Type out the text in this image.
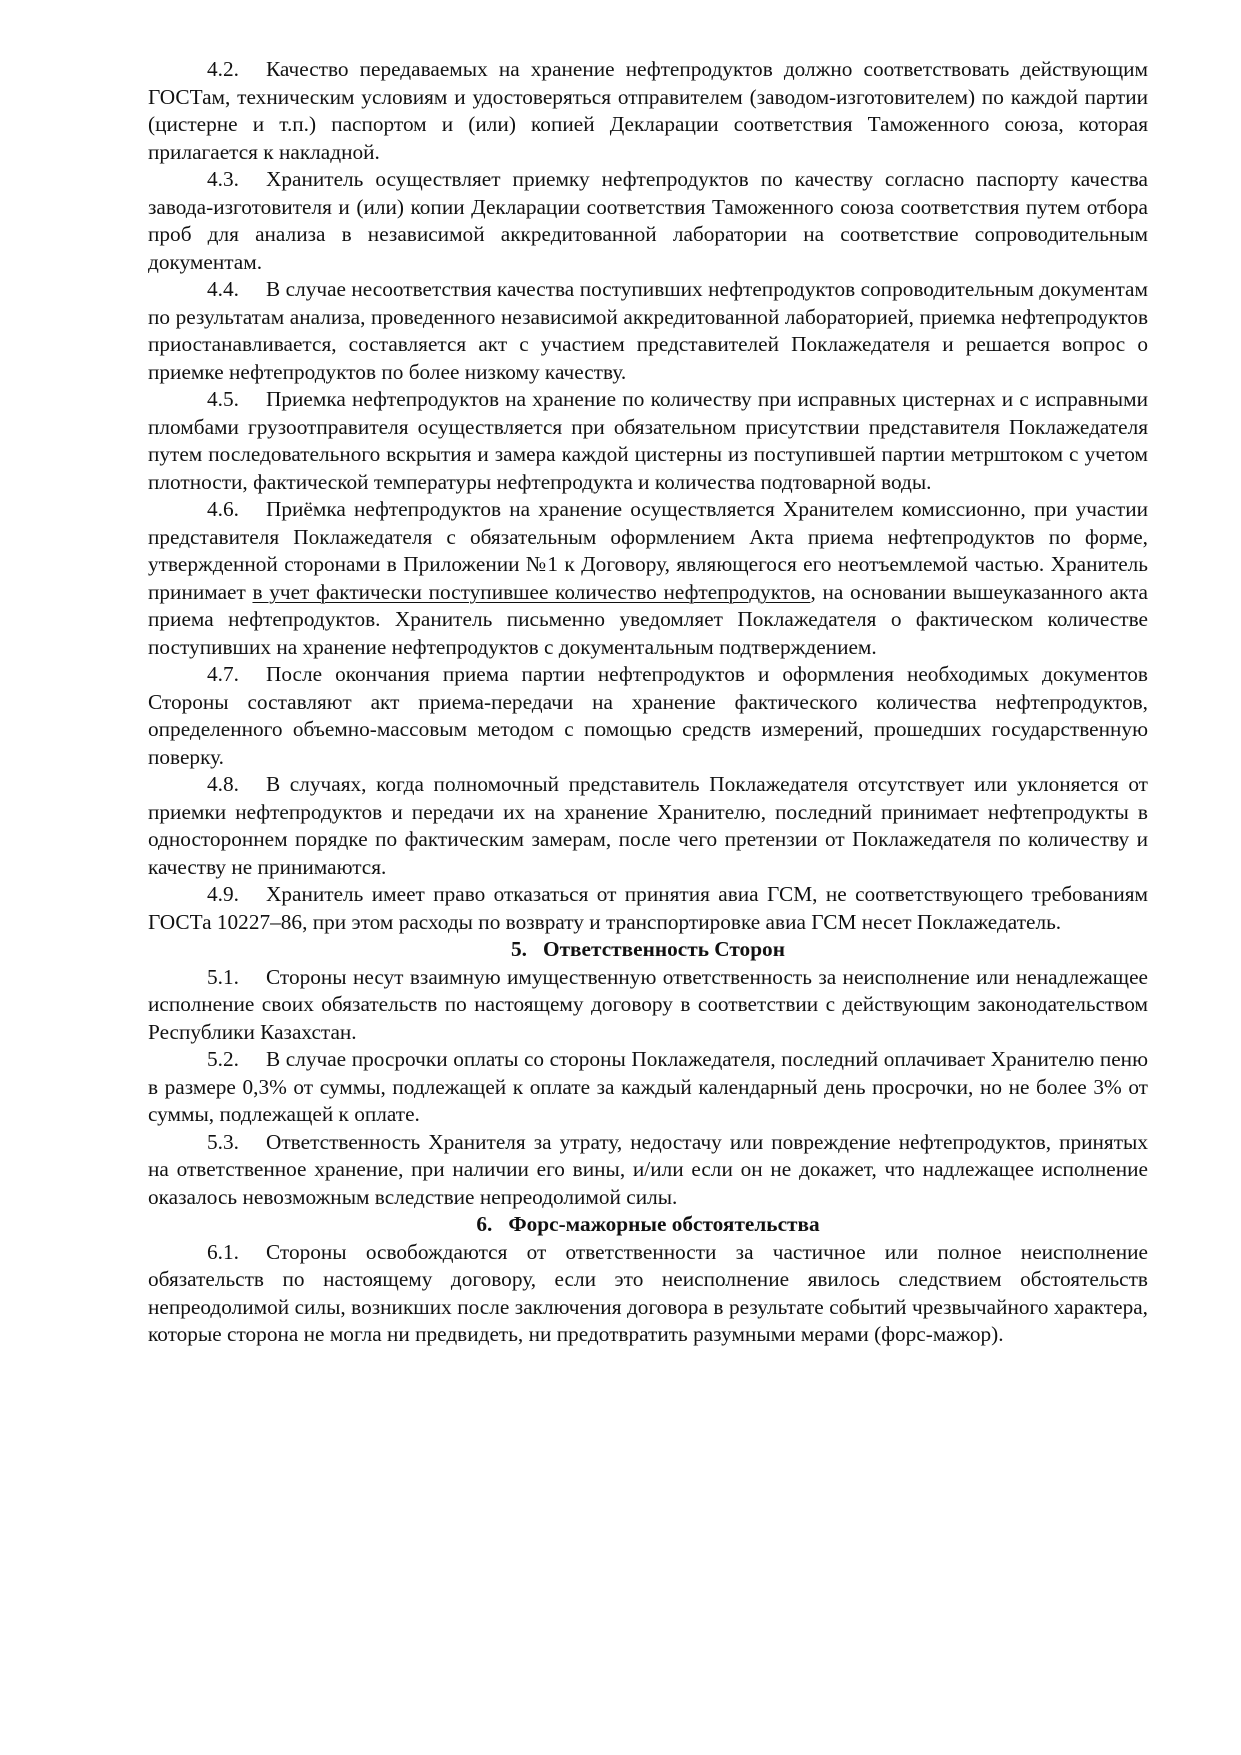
4.2. Качество передаваемых на хранение нефтепродуктов должно соответствовать действующим ГОСТам, техническим условиям и удостоверяться отправителем (заводом-изготовителем) по каждой партии (цистерне и т.п.) паспортом и (или) копией Декларации соответствия Таможенного союза, которая прилагается к накладной.

4.3. Хранитель осуществляет приемку нефтепродуктов по качеству согласно паспорту качества завода-изготовителя и (или) копии Декларации соответствия Таможенного союза соответствия путем отбора проб для анализа в независимой аккредитованной лаборатории на соответствие сопроводительным документам.

4.4. В случае несоответствия качества поступивших нефтепродуктов сопроводительным документам по результатам анализа, проведенного независимой аккредитованной лабораторией, приемка нефтепродуктов приостанавливается, составляется акт с участием представителей Поклажедателя и решается вопрос о приемке нефтепродуктов по более низкому качеству.

4.5. Приемка нефтепродуктов на хранение по количеству при исправных цистернах и с исправными пломбами грузоотправителя осуществляется при обязательном присутствии представителя Поклажедателя путем последовательного вскрытия и замера каждой цистерны из поступившей партии метрштоком с учетом плотности, фактической температуры нефтепродукта и количества подтоварной воды.

4.6. Приёмка нефтепродуктов на хранение осуществляется Хранителем комиссионно, при участии представителя Поклажедателя с обязательным оформлением Акта приема нефтепродуктов по форме, утвержденной сторонами в Приложении №1 к Договору, являющегося его неотъемлемой частью. Хранитель принимает в учет фактически поступившее количество нефтепродуктов, на основании вышеуказанного акта приема нефтепродуктов. Хранитель письменно уведомляет Поклажедателя о фактическом количестве поступивших на хранение нефтепродуктов с документальным подтверждением.

4.7. После окончания приема партии нефтепродуктов и оформления необходимых документов Стороны составляют акт приема-передачи на хранение фактического количества нефтепродуктов, определенного объемно-массовым методом с помощью средств измерений, прошедших государственную поверку.

4.8. В случаях, когда полномочный представитель Поклажедателя отсутствует или уклоняется от приемки нефтепродуктов и передачи их на хранение Хранителю, последний принимает нефтепродукты в одностороннем порядке по фактическим замерам, после чего претензии от Поклажедателя по количеству и качеству не принимаются.

4.9. Хранитель имеет право отказаться от принятия авиа ГСМ, не соответствующего требованиям ГОСТа 10227–86, при этом расходы по возврату и транспортировке авиа ГСМ несет Поклажедатель.

5. Ответственность Сторон

5.1. Стороны несут взаимную имущественную ответственность за неисполнение или ненадлежащее исполнение своих обязательств по настоящему договору в соответствии с действующим законодательством Республики Казахстан.

5.2. В случае просрочки оплаты со стороны Поклажедателя, последний оплачивает Хранителю пеню в размере 0,3% от суммы, подлежащей к оплате за каждый календарный день просрочки, но не более 3% от суммы, подлежащей к оплате.

5.3. Ответственность Хранителя за утрату, недостачу или повреждение нефтепродуктов, принятых на ответственное хранение, при наличии его вины, и/или если он не докажет, что надлежащее исполнение оказалось невозможным вследствие непреодолимой силы.

6. Форс-мажорные обстоятельства

6.1. Стороны освобождаются от ответственности за частичное или полное неисполнение обязательств по настоящему договору, если это неисполнение явилось следствием обстоятельств непреодолимой силы, возникших после заключения договора в результате событий чрезвычайного характера, которые сторона не могла ни предвидеть, ни предотвратить разумными мерами (форс-мажор).
